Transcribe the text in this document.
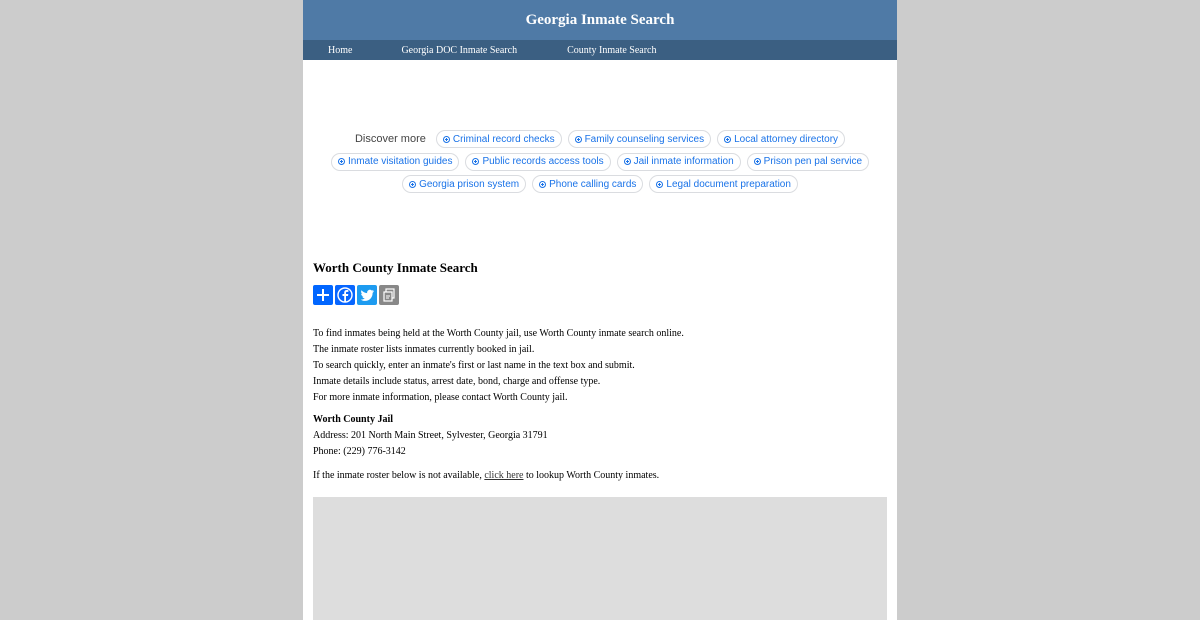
Georgia Inmate Search
Home	Georgia DOC Inmate Search	County Inmate Search
Discover more	Criminal record checks	Family counseling services	Local attorney directory
Inmate visitation guides	Public records access tools	Jail inmate information	Prison pen pal service
Georgia prison system	Phone calling cards	Legal document preparation
Worth County Inmate Search
To find inmates being held at the Worth County jail, use Worth County inmate search online.
The inmate roster lists inmates currently booked in jail.
To search quickly, enter an inmate's first or last name in the text box and submit.
Inmate details include status, arrest date, bond, charge and offense type.
For more inmate information, please contact Worth County jail.
Worth County Jail
Address: 201 North Main Street, Sylvester, Georgia 31791
Phone: (229) 776-3142
If the inmate roster below is not available, click here to lookup Worth County inmates.
